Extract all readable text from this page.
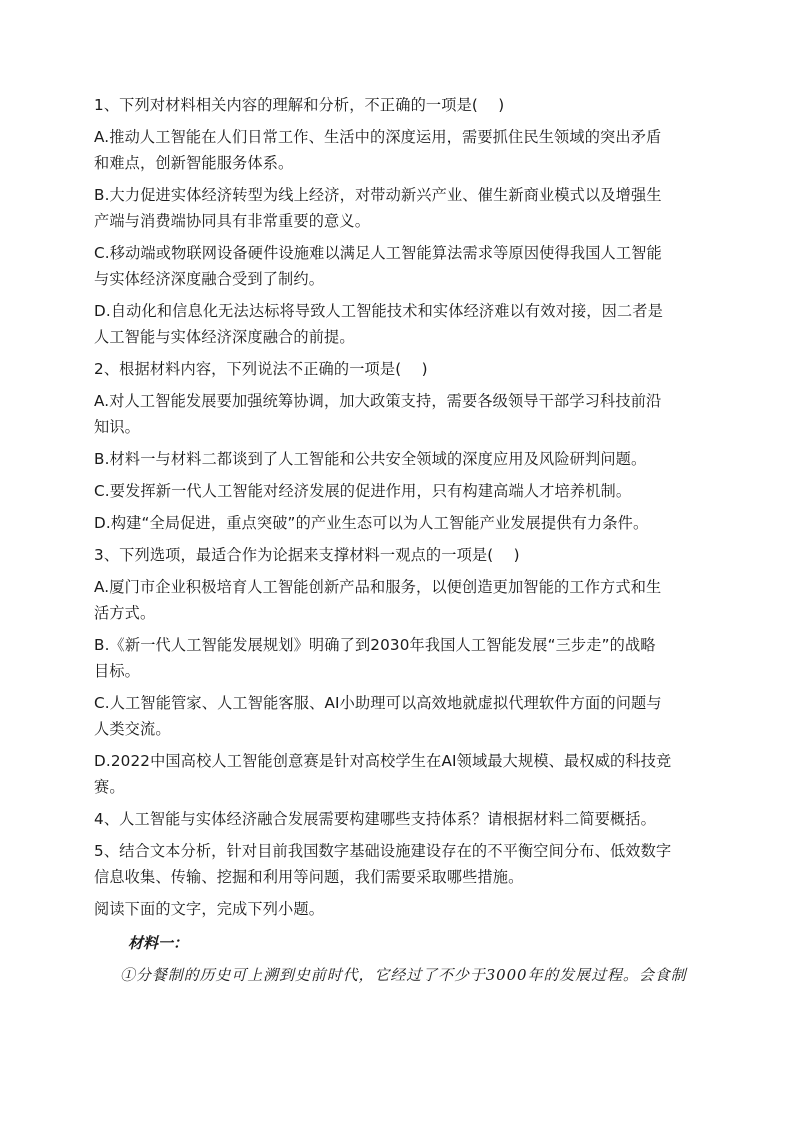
1、下列对材料相关内容的理解和分析，不正确的一项是(　 )

A.推动人工智能在人们日常工作、生活中的深度运用，需要抓住民生领域的突出矛盾

和难点，创新智能服务体系。

B.大力促进实体经济转型为线上经济，对带动新兴产业、催生新商业模式以及增强生

产端与消费端协同具有非常重要的意义。

C.移动端或物联网设备硬件设施难以满足人工智能算法需求等原因使得我国人工智能

与实体经济深度融合受到了制约。

D.自动化和信息化无法达标将导致人工智能技术和实体经济难以有效对接，因二者是

人工智能与实体经济深度融合的前提。

2、根据材料内容，下列说法不正确的一项是(　 )

A.对人工智能发展要加强统筹协调，加大政策支持，需要各级领导干部学习科技前沿

知识。

B.材料一与材料二都谈到了人工智能和公共安全领域的深度应用及风险研判问题。

C.要发挥新一代人工智能对经济发展的促进作用，只有构建高端人才培养机制。

D.构建“全局促进，重点突破”的产业生态可以为人工智能产业发展提供有力条件。

3、下列选项，最适合作为论据来支撑材料一观点的一项是(　 )

A.厦门市企业积极培育人工智能创新产品和服务，以便创造更加智能的工作方式和生

活方式。

B.《新一代人工智能发展规划》明确了到2030年我国人工智能发展“三步走”的战略

目标。

C.人工智能管家、人工智能客服、AI小助理可以高效地就虚拟代理软件方面的问题与

人类交流。

D.2022中国高校人工智能创意赛是针对高校学生在AI领域最大规模、最权威的科技竞

赛。

4、人工智能与实体经济融合发展需要构建哪些支持体系？请根据材料二简要概括。

5、结合文本分析，针对目前我国数字基础设施建设存在的不平衡空间分布、低效数字

信息收集、传输、挖掘和利用等问题，我们需要采取哪些措施。

阅读下面的文字，完成下列小题。

材料一：

①分餐制的历史可上溯到史前时代，它经过了不少于3000年的发展过程。会食制
